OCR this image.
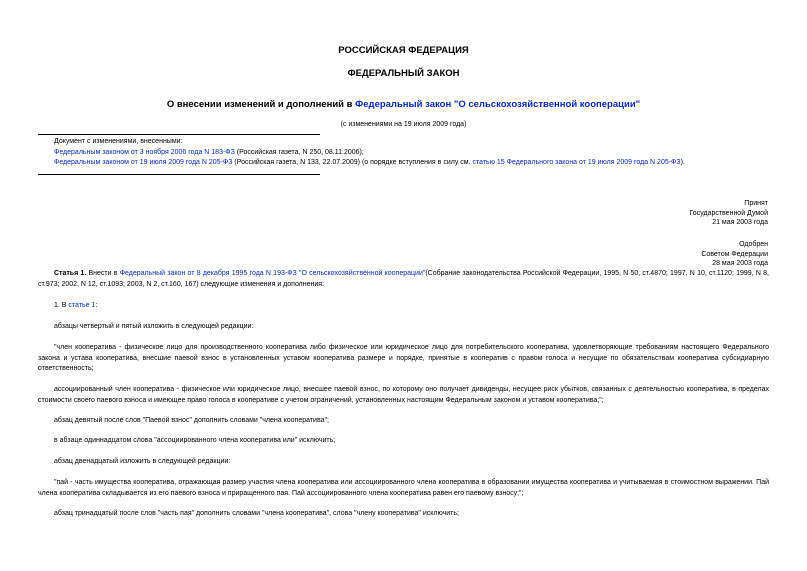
РОССИЙСКАЯ ФЕДЕРАЦИЯ
ФЕДЕРАЛЬНЫЙ ЗАКОН
О внесении изменений и дополнений в Федеральный закон "О сельскохозяйственной кооперации"
(с изменениями на 19 июля 2009 года)
Документ с изменениями, внесенными:
Федеральным законом от 3 ноября 2006 года N 183-ФЗ (Российская газета, N 250, 08.11.2006);
Федеральным законом от 19 июля 2009 года N 205-ФЗ (Российская газета, N 133, 22.07.2009) (о порядке вступления в силу см. статью 15 Федерального закона от 19 июля 2009 года N 205-ФЗ).
Принят
Государственной Думой
21 мая 2003 года
Одобрен
Советом Федерации
28 мая 2003 года
Статья 1. Внести в Федеральный закон от 8 декабря 1995 года N 193-ФЗ "О сельскохозяйственной кооперации"(Собрание законодательства Российской Федерации, 1995, N 50, ст.4870; 1997, N 10, ст.1120; 1999, N 8, ст.973; 2002, N 12, ст.1093; 2003, N 2, ст.160, 167) следующие изменения и дополнения:
1. В статье 1:
абзацы четвертый и пятый изложить в следующей редакции:
"член кооператива - физическое лицо для производственного кооператива либо физическое или юридическое лицо для потребительского кооператива, удовлетворяющие требованиям настоящего Федерального закона и устава кооператива, внесшие паевой взнос в установленных уставом кооператива размере и порядке, принятые в кооператив с правом голоса и несущие по обязательствам кооператива субсидиарную ответственность;
ассоциированный член кооператива - физическое или юридическое лицо, внесшее паевой взнос, по которому оно получает дивиденды, несущее риск убытков, связанных с деятельностью кооператива, в пределах стоимости своего паевого взноса и имеющее право голоса в кооперативе с учетом ограничений, установленных настоящим Федеральным законом и уставом кооператива;";
абзац девятый после слов "Паевой взнос" дополнить словами "члена кооператива";
в абзаце одиннадцатом слова "ассоциированного члена кооператива или" исключить;
абзац двенадцатый изложить в следующей редакции:
"пай - часть имущества кооператива, отражающая размер участия члена кооператива или ассоциированного члена кооператива в образовании имущества кооператива и учитываемая в стоимостном выражении. Пай члена кооператива складывается из его паевого взноса и приращенного пая. Пай ассоциированного члена кооператива равен его паевому взносу;";
абзац тринадцатый после слов "часть пая" дополнить словами "члена кооператива", слова "члену кооператива" исключить;
